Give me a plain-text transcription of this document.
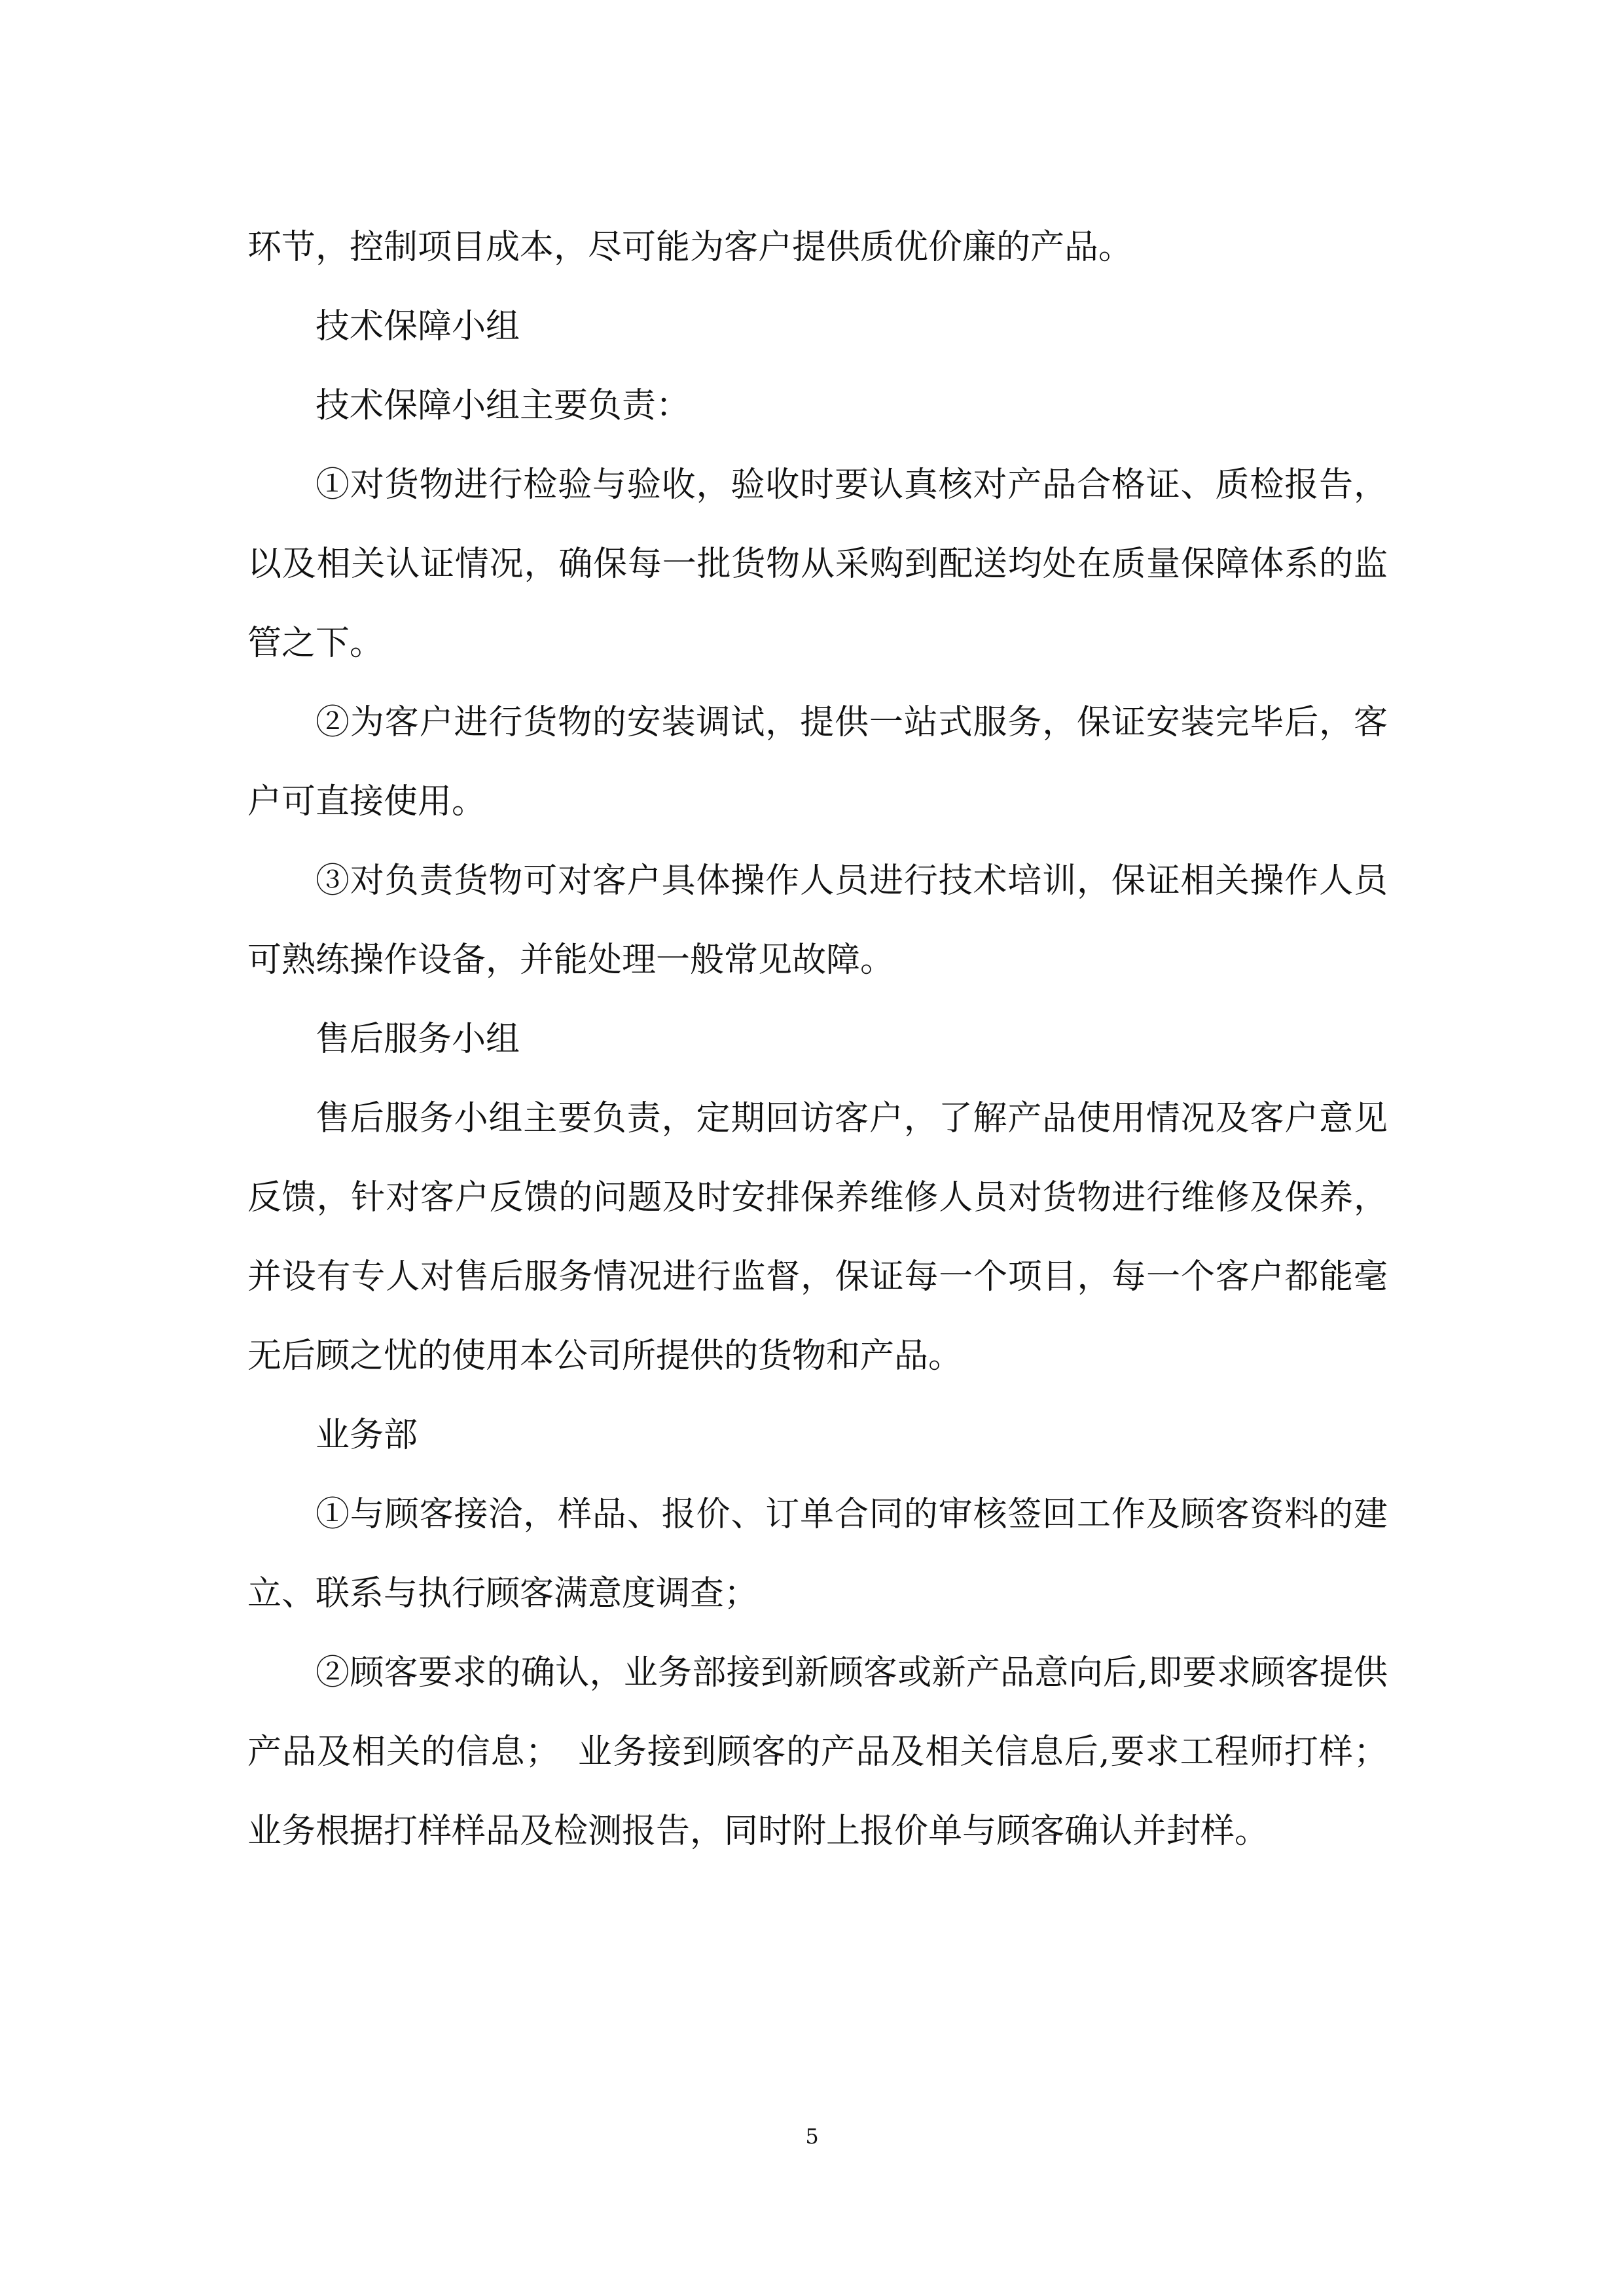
环节，控制项目成本，尽可能为客户提供质优价廉的产品。

技术保障小组

技术保障小组主要负责：

①对货物进行检验与验收，验收时要认真核对产品合格证、质检报告，以及相关认证情况，确保每一批货物从采购到配送均处在质量保障体系的监管之下。

②为客户进行货物的安装调试，提供一站式服务，保证安装完毕后，客户可直接使用。

③对负责货物可对客户具体操作人员进行技术培训，保证相关操作人员可熟练操作设备，并能处理一般常见故障。

售后服务小组

售后服务小组主要负责，定期回访客户，了解产品使用情况及客户意见反馈，针对客户反馈的问题及时安排保养维修人员对货物进行维修及保养，并设有专人对售后服务情况进行监督，保证每一个项目，每一个客户都能毫无后顾之忧的使用本公司所提供的货物和产品。

业务部

①与顾客接洽，样品、报价、订单合同的审核签回工作及顾客资料的建立、联系与执行顾客满意度调查；

②顾客要求的确认，业务部接到新顾客或新产品意向后,即要求顾客提供产品及相关的信息；　业务接到顾客的产品及相关信息后,要求工程师打样；业务根据打样样品及检测报告，同时附上报价单与顾客确认并封样。

5
